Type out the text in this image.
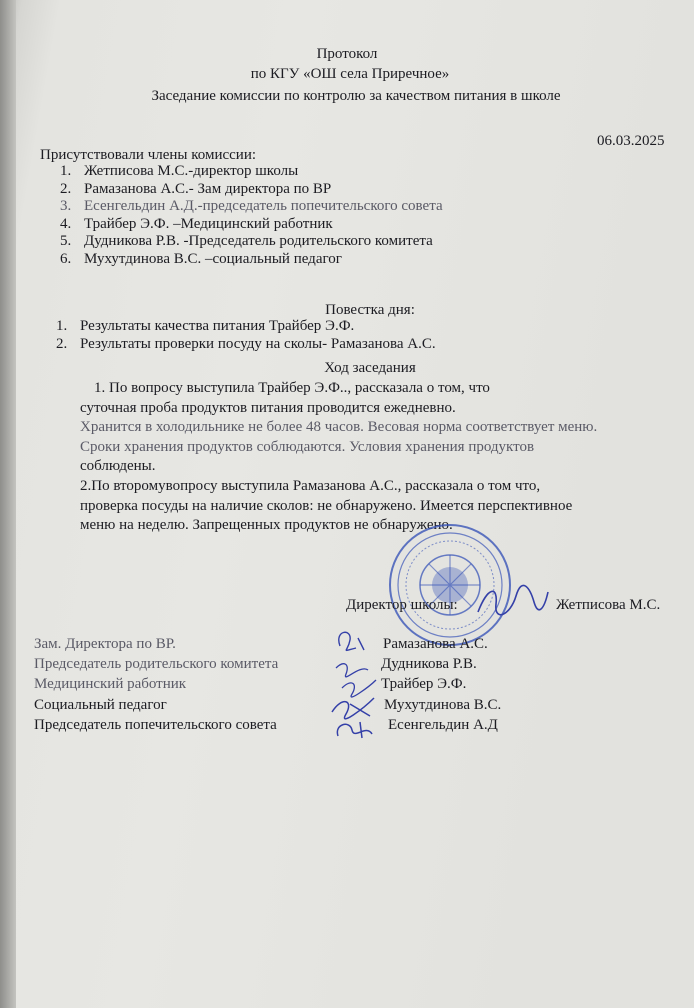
Протокол
по КГУ «ОШ села Приречное»
Заседание комиссии по контролю за качеством питания в школе
06.03.2025
Присутствовали члены комиссии:
1. Жетписова М.С.-директор школы
2. Рамазанова А.С.- Зам директора по ВР
3. Есенгельдин А.Д.-председатель попечительского совета
4. Трайбер Э.Ф. –Медицинский работник
5. Дудникова Р.В. -Председатель родительского комитета
6. Мухутдинова В.С. –социальный педагог
Повестка дня:
1. Результаты качества питания Трайбер Э.Ф.
2. Результаты проверки посуду на сколы- Рамазанова А.С.
Ход заседания
1. По вопросу выступила Трайбер Э.Ф.., рассказала о том, что
суточная проба продуктов питания проводится ежедневно.
Хранится в холодильнике не более 48 часов. Весовая норма соответствует меню.
Сроки хранения продуктов соблюдаются. Условия хранения продуктов
соблюдены.
2.По второмувопросу выступила Рамазанова А.С., рассказала о том что,
проверка посуды на наличие сколов: не обнаружено. Имеется перспективное
меню на неделю. Запрещенных продуктов не обнаружено.
Директор школы:	Жетписова М.С.
Зам. Директора по ВР.	Рамазанова А.С.
Председатель родительского комитета	Дудникова Р.В.
Медицинский работник	Трайбер Э.Ф.
Социальный педагог	Мухутдинова В.С.
Председатель попечительского совета	Есенгельдин А.Д
